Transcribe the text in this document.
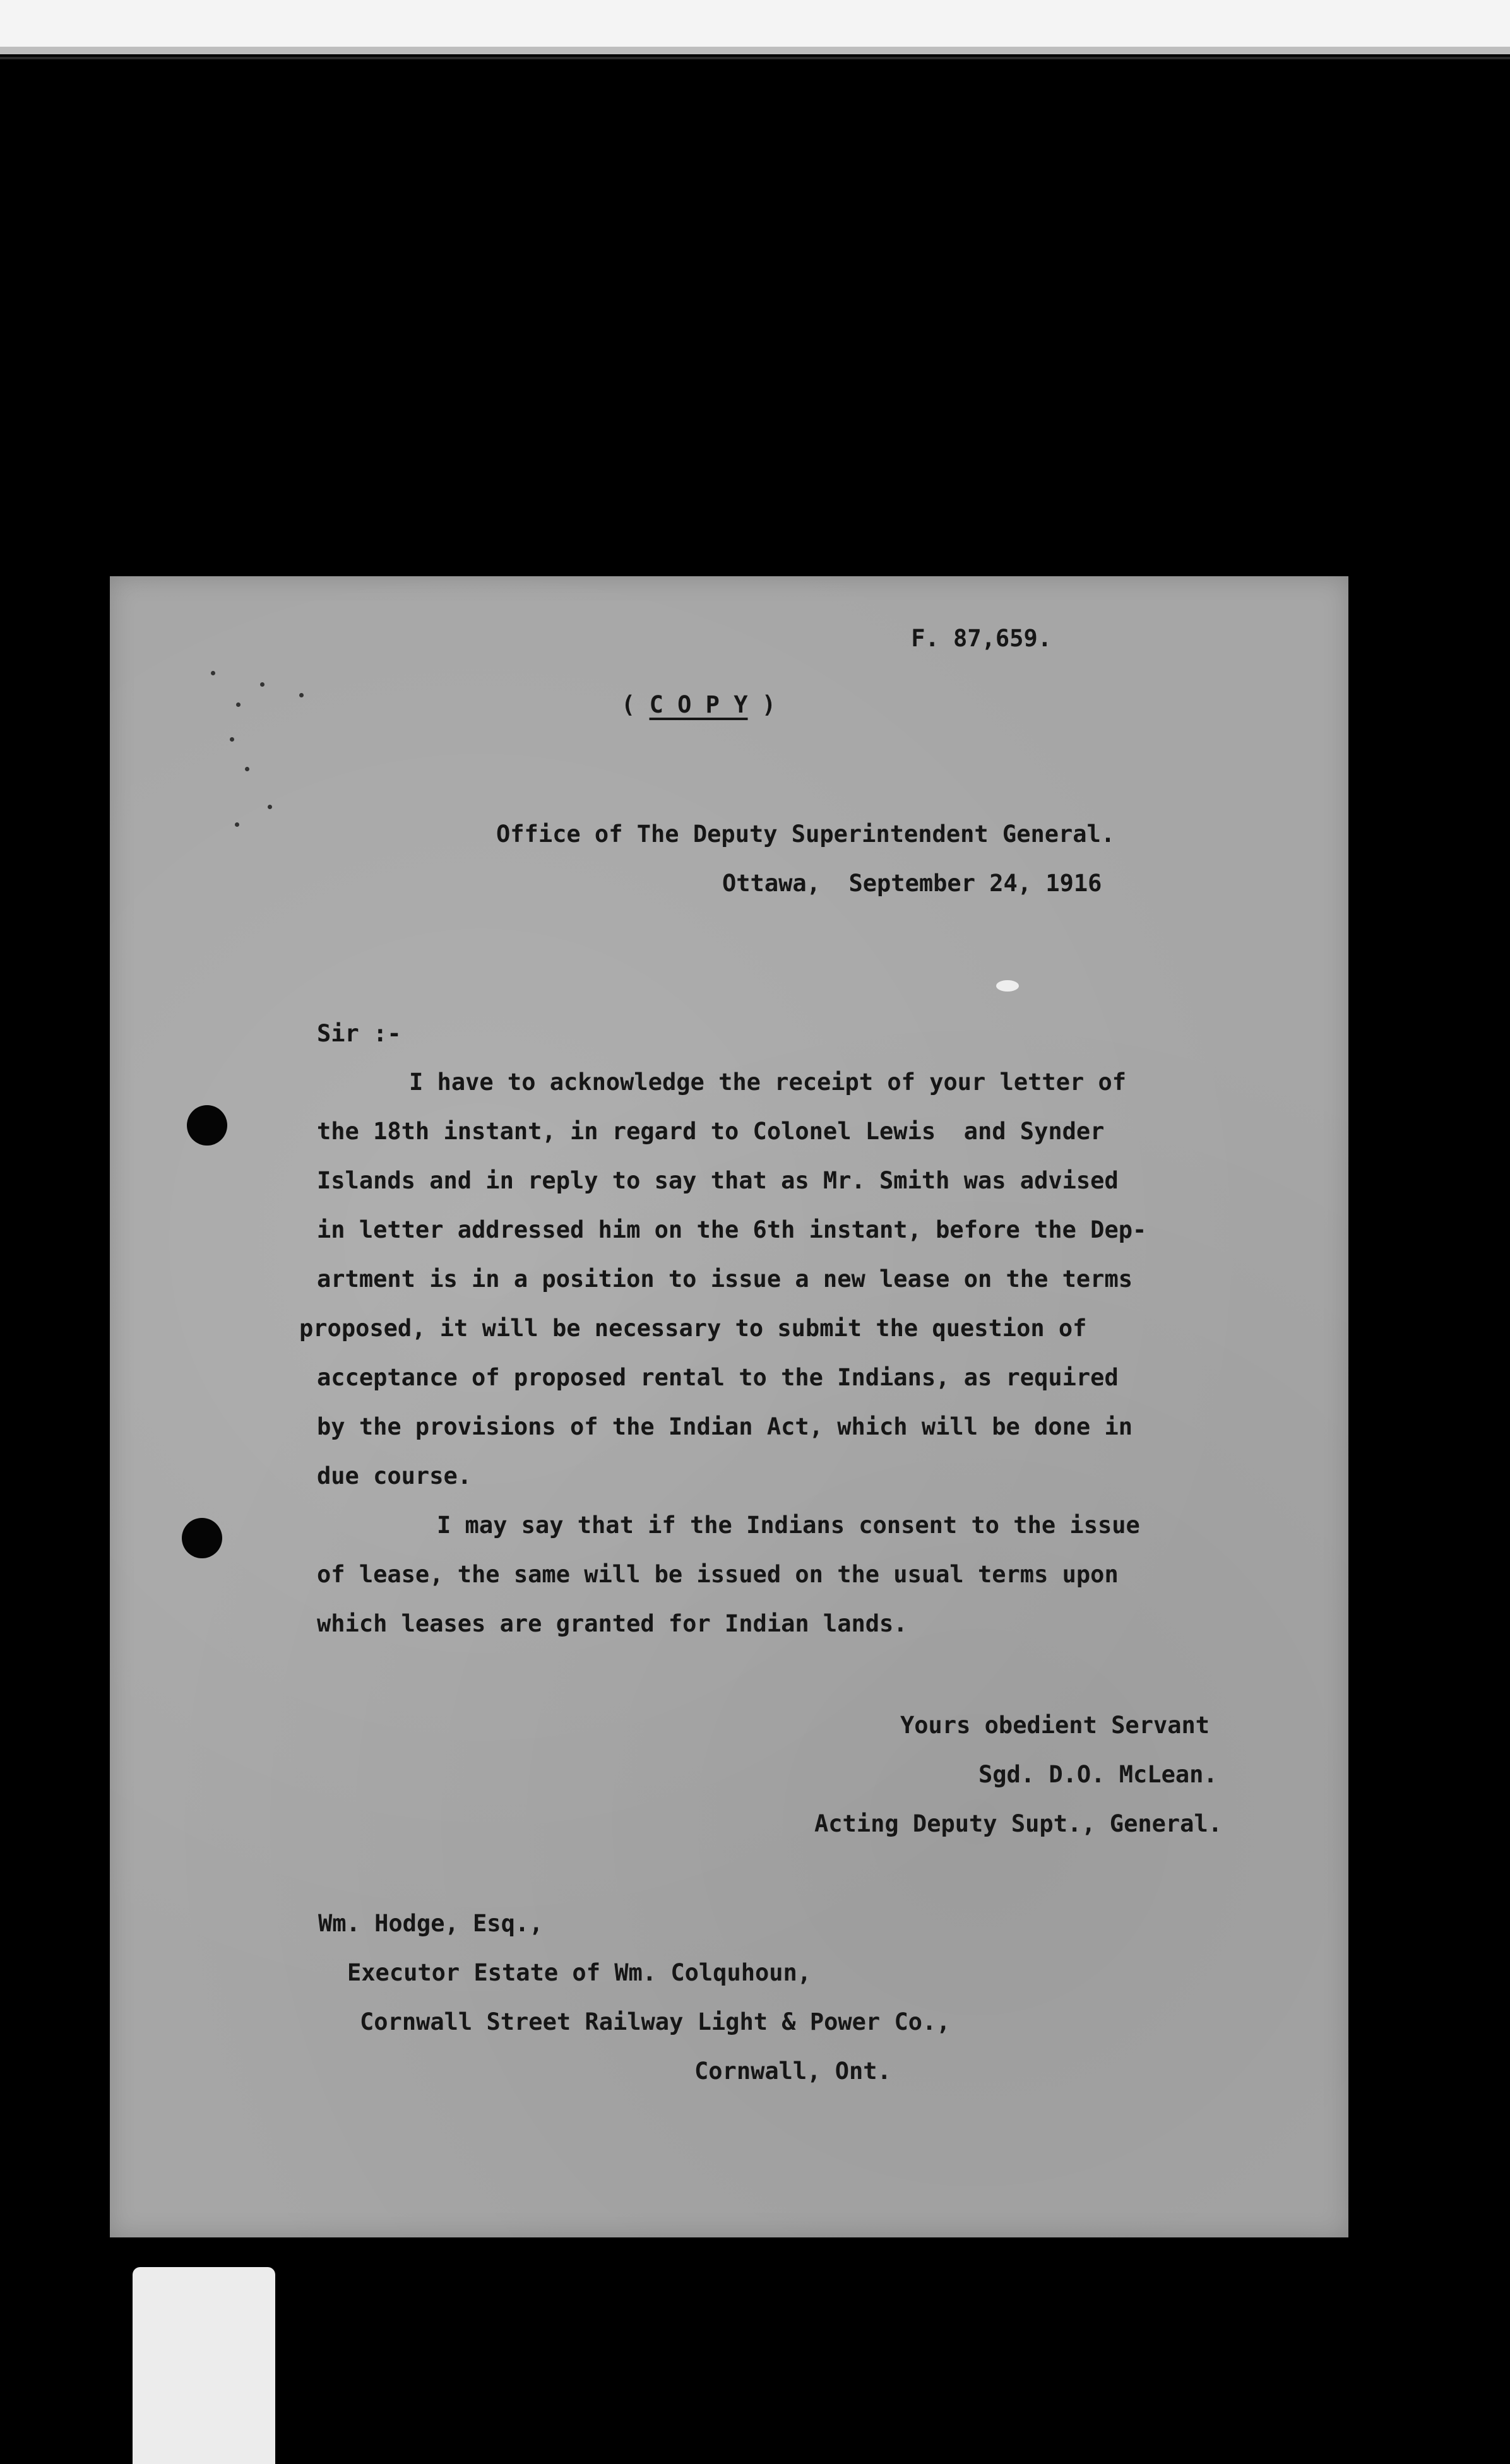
F. 87,659.
( C O P Y )
Office of The Deputy Superintendent General.
Ottawa,  September 24, 1916
Sir :-
I have to acknowledge the receipt of your letter of
the 18th instant, in regard to Colonel Lewis  and Synder
Islands and in reply to say that as Mr. Smith was advised
in letter addressed him on the 6th instant, before the Dep-
artment is in a position to issue a new lease on the terms
proposed, it will be necessary to submit the question of
acceptance of proposed rental to the Indians, as required
by the provisions of the Indian Act, which will be done in
due course.
I may say that if the Indians consent to the issue
of lease, the same will be issued on the usual terms upon
which leases are granted for Indian lands.
Yours obedient Servant
Sgd. D.O. McLean.
Acting Deputy Supt., General.
Wm. Hodge, Esq.,
Executor Estate of Wm. Colquhoun,
Cornwall Street Railway Light & Power Co.,
Cornwall, Ont.
